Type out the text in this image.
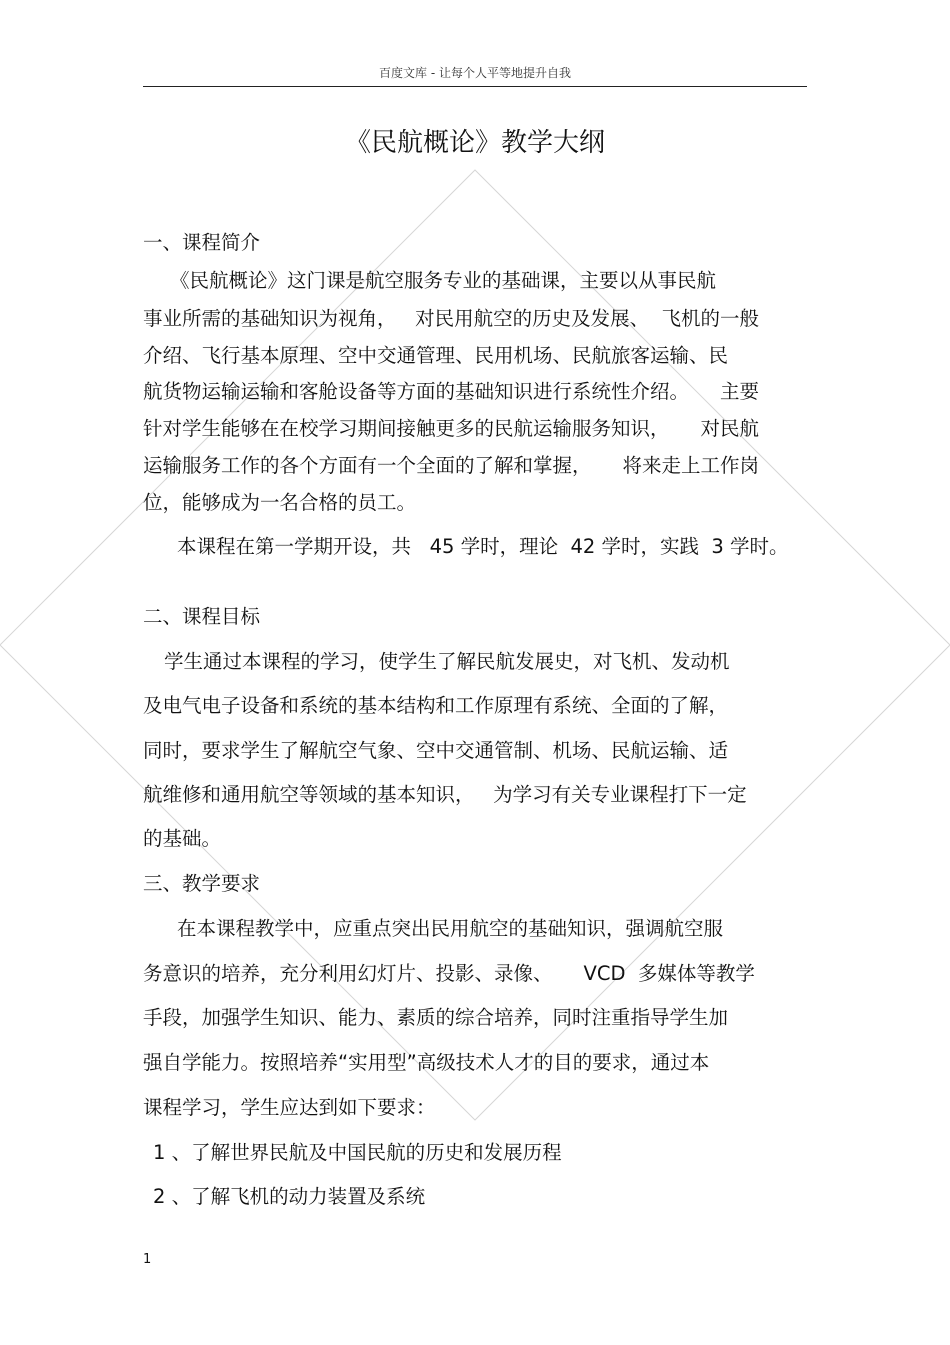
百度文库 - 让每个人平等地提升自我
《民航概论》教学大纲
一、课程简介
《民航概论》这门课是航空服务专业的基础课，主要以从事民航
事业所需的基础知识为视角，   对民用航空的历史及发展、  飞机的一般
介绍、飞行基本原理、空中交通管理、民用机场、民航旅客运输、民
航货物运输运输和客舱设备等方面的基础知识进行系统性介绍。     主要
针对学生能够在在校学习期间接触更多的民航运输服务知识，     对民航
运输服务工作的各个方面有一个全面的了解和掌握，     将来走上工作岗
位，能够成为一名合格的员工。
本课程在第一学期开设，共   45 学时，理论  42 学时，实践  3 学时。
二、课程目标
学生通过本课程的学习，使学生了解民航发展史，对飞机、发动机
及电气电子设备和系统的基本结构和工作原理有系统、全面的了解，
同时，要求学生了解航空气象、空中交通管制、机场、民航运输、适
航维修和通用航空等领域的基本知识，   为学习有关专业课程打下一定
的基础。
三、教学要求
在本课程教学中，应重点突出民用航空的基础知识，强调航空服
务意识的培养，充分利用幻灯片、投影、录像、     VCD  多媒体等教学
手段，加强学生知识、能力、素质的综合培养，同时注重指导学生加
强自学能力。按照培养“实用型”高级技术人才的目的要求，通过本
课程学习，学生应达到如下要求：
1 、了解世界民航及中国民航的历史和发展历程
2 、了解飞机的动力装置及系统
1
